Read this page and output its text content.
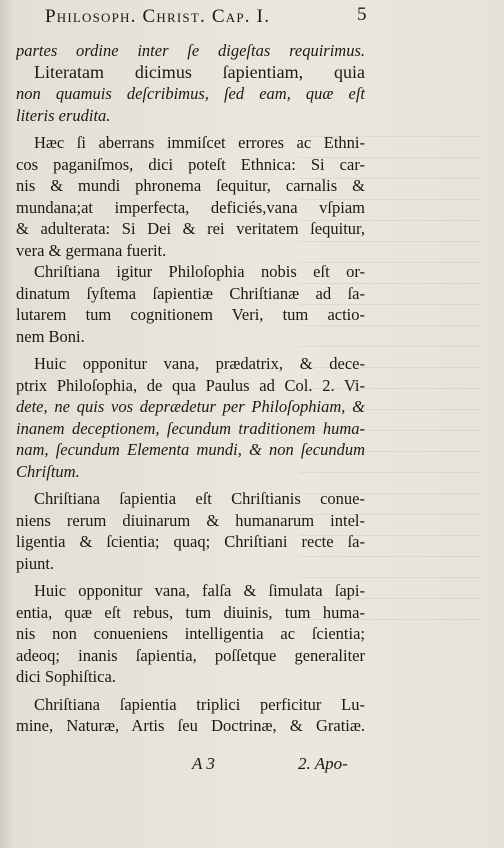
Philosoph. Christ. Cap. I.	5
partes ordine inter ſe digeſtas requirimus.
Literatam dicimus ſapientiam, quia
non quamuis deſcribimus, ſed eam, quæ eſt
literis erudita.
Hæc ſi aberrans immiſcet errores ac Ethni-
cos paganiſmos, dici poteſt Ethnica: Si car-
nis & mundi phronema ſequitur, carnalis &
mundana;at imperfecta, deficiés,vana vſpiam
& adulterata: Si Dei & rei veritatem ſequitur,
vera & germana fuerit.
Chriſtiana igitur Philoſophia nobis eſt or-
dinatum ſyſtema ſapientiæ Chriſtianæ ad ſa-
lutarem tum cognitionem Veri, tum actio-
nem Boni.
Huic opponitur vana, prædatrix, & dece-
ptrix Philoſophia, de qua Paulus ad Col. 2. Vi-
dete, ne quis vos deprædetur per Philoſophiam, &
inanem deceptionem, ſecundum traditionem huma-
nam, ſecundum Elementa mundi, & non ſecundum
Chriſtum.
Chriſtiana ſapientia eſt Chriſtianis conue-
niens rerum diuinarum & humanarum intel-
ligentia & ſcientia; quaq; Chriſtiani recte ſa-
piunt.
Huic opponitur vana, falſa & ſimulata ſapi-
entia, quæ eſt rebus, tum diuinis, tum huma-
nis non conueniens intelligentia ac ſcientia;
adeoq; inanis ſapientia, poſſetque generaliter
dici Sophiſtica.
Chriſtiana ſapientia triplici perficitur Lu-
mine, Naturæ, Artis ſeu Doctrinæ, & Gratiæ.
A 3	2. Apo-
